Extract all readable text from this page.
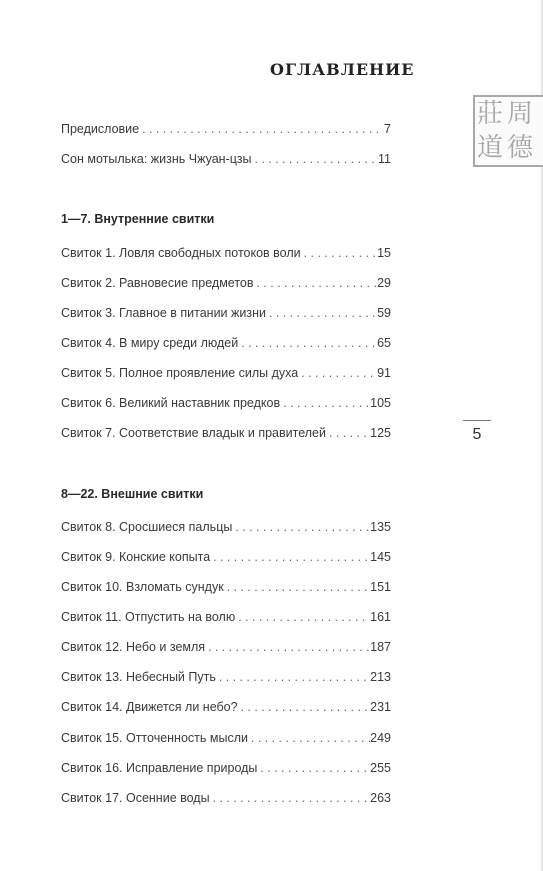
ОГЛАВЛЕНИЕ
莊 周
道 德
5
Предисловие .....	7
Сон мотылька: жизнь Чжуан-цзы .....	11
1—7. Внутренние свитки
Свиток 1. Ловля свободных потоков воли .....	15
Свиток 2. Равновесие предметов .....	29
Свиток 3. Главное в питании жизни .....	59
Свиток 4. В миру среди людей .....	65
Свиток 5. Полное проявление силы духа .....	91
Свиток 6. Великий наставник предков .....	105
Свиток 7. Соответствие владык и правителей .....	125
8—22. Внешние свитки
Свиток 8. Сросшиеся пальцы .....	135
Свиток 9. Конские копыта .....	145
Свиток 10. Взломать сундук .....	151
Свиток 11. Отпустить на волю .....	161
Свиток 12. Небо и земля .....	187
Свиток 13. Небесный Путь .....	213
Свиток 14. Движется ли небо? .....	231
Свиток 15. Отточенность мысли .....	249
Свиток 16. Исправление природы .....	255
Свиток 17. Осенние воды .....	263
